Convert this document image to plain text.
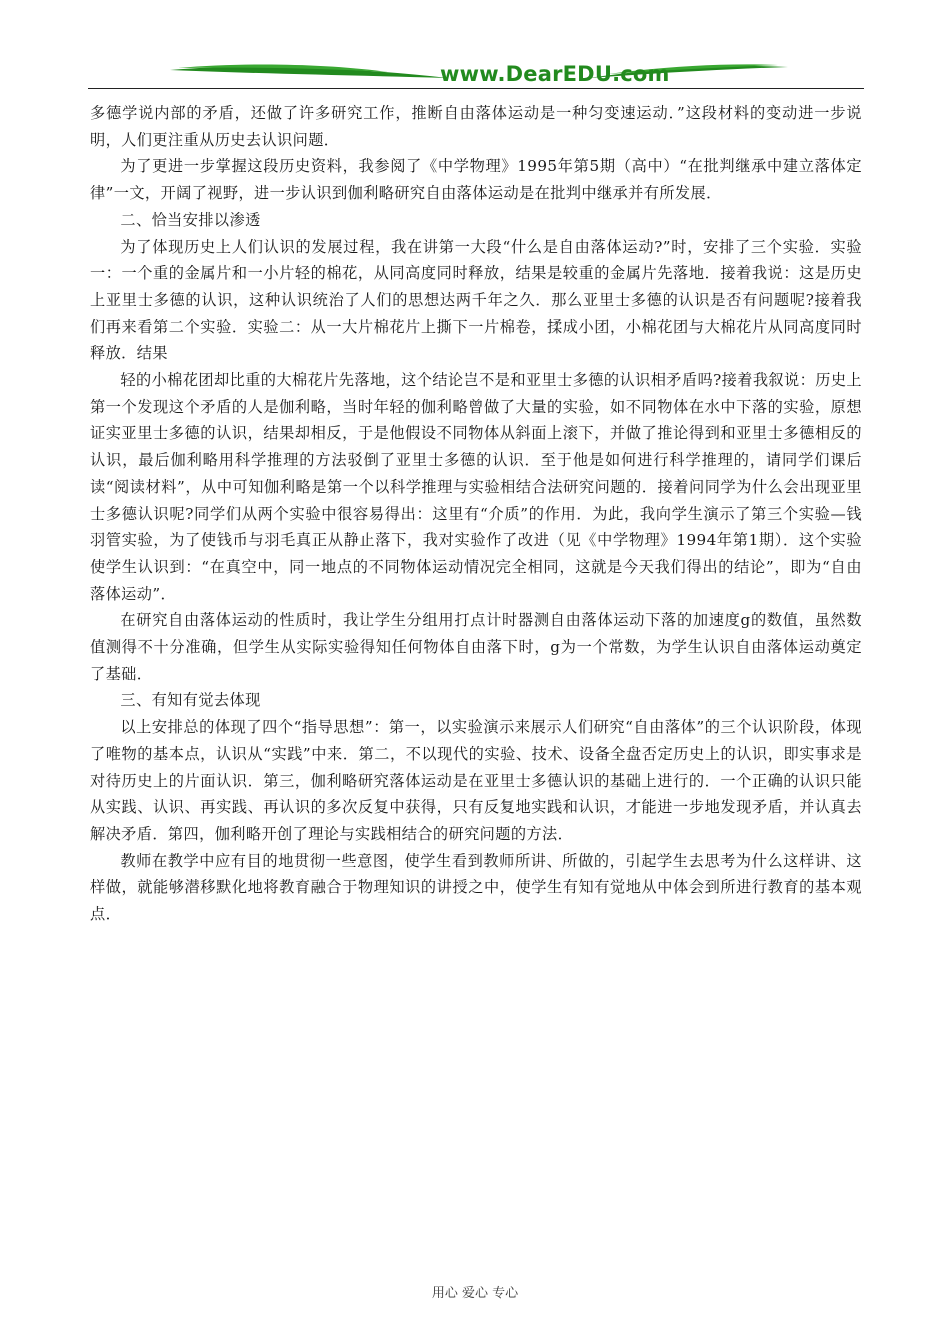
www.DearEDU.com

多德学说内部的矛盾，还做了许多研究工作，推断自由落体运动是一种匀变速运动．”这段材料的变动进一步说明，人们更注重从历史去认识问题．

为了更进一步掌握这段历史资料，我参阅了《中学物理》1995年第5期（高中）“在批判继承中建立落体定律”一文，开阔了视野，进一步认识到伽利略研究自由落体运动是在批判中继承并有所发展．

二、恰当安排以渗透

为了体现历史上人们认识的发展过程，我在讲第一大段“什么是自由落体运动?”时，安排了三个实验．实验一：一个重的金属片和一小片轻的棉花，从同高度同时释放，结果是较重的金属片先落地．接着我说：这是历史上亚里士多德的认识，这种认识统治了人们的思想达两千年之久．那么亚里士多德的认识是否有问题呢?接着我们再来看第二个实验．实验二：从一大片棉花片上撕下一片棉卷，揉成小团，小棉花团与大棉花片从同高度同时释放．结果

轻的小棉花团却比重的大棉花片先落地，这个结论岂不是和亚里士多德的认识相矛盾吗?接着我叙说：历史上第一个发现这个矛盾的人是伽利略，当时年轻的伽利略曾做了大量的实验，如不同物体在水中下落的实验，原想证实亚里士多德的认识，结果却相反，于是他假设不同物体从斜面上滚下，并做了推论得到和亚里士多德相反的认识，最后伽利略用科学推理的方法驳倒了亚里士多德的认识．至于他是如何进行科学推理的，请同学们课后读“阅读材料”，从中可知伽利略是第一个以科学推理与实验相结合法研究问题的．接着问同学为什么会出现亚里士多德认识呢?同学们从两个实验中很容易得出：这里有“介质”的作用．为此，我向学生演示了第三个实验—钱羽管实验，为了使钱币与羽毛真正从静止落下，我对实验作了改进（见《中学物理》1994年第1期）．这个实验使学生认识到：“在真空中，同一地点的不同物体运动情况完全相同，这就是今天我们得出的结论”，即为“自由落体运动”．

在研究自由落体运动的性质时，我让学生分组用打点计时器测自由落体运动下落的加速度g的数值，虽然数值测得不十分准确，但学生从实际实验得知任何物体自由落下时，g为一个常数，为学生认识自由落体运动奠定了基础．

三、有知有觉去体现

以上安排总的体现了四个“指导思想”：第一，以实验演示来展示人们研究“自由落体”的三个认识阶段，体现了唯物的基本点，认识从“实践”中来．第二，不以现代的实验、技术、设备全盘否定历史上的认识，即实事求是对待历史上的片面认识．第三，伽利略研究落体运动是在亚里士多德认识的基础上进行的．一个正确的认识只能从实践、认识、再实践、再认识的多次反复中获得，只有反复地实践和认识，才能进一步地发现矛盾，并认真去解决矛盾．第四，伽利略开创了理论与实践相结合的研究问题的方法．

教师在教学中应有目的地贯彻一些意图，使学生看到教师所讲、所做的，引起学生去思考为什么这样讲、这样做，就能够潜移默化地将教育融合于物理知识的讲授之中，使学生有知有觉地从中体会到所进行教育的基本观点．

用心 爱心 专心
